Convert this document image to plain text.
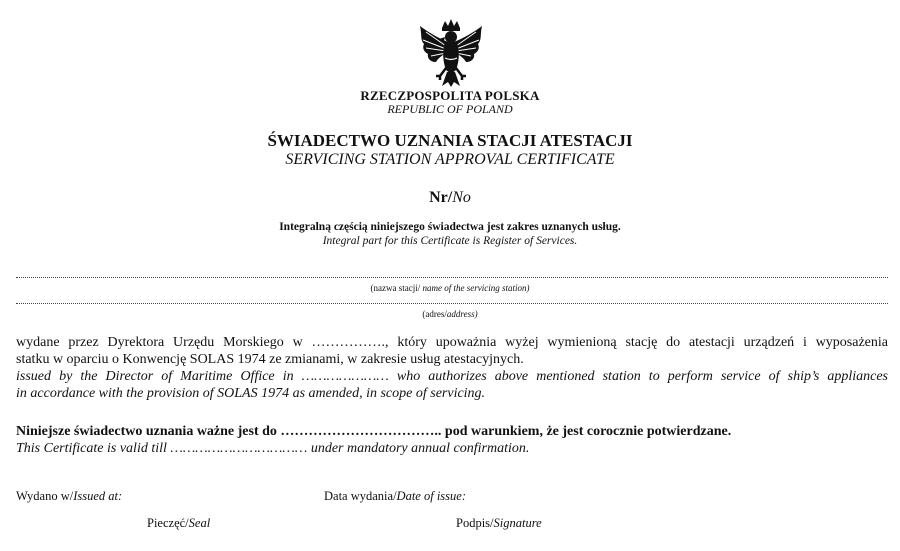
RZECZPOSPOLITA POLSKA
REPUBLIC OF POLAND
ŚWIADECTWO UZNANIA STACJI ATESTACJI
SERVICING STATION APPROVAL CERTIFICATE
Nr/No
Integralną częścią niniejszego świadectwa jest zakres uznanych usług.
Integral part for this Certificate is Register of Services.
(nazwa stacji/ name of the servicing station)
(adres/address)
wydane przez Dyrektora Urzędu Morskiego w ……………., który upoważnia wyżej wymienioną stację do atestacji urządzeń i wyposażenia
statku w oparciu o Konwencję SOLAS 1974 ze zmianami, w zakresie usług atestacyjnych.
issued by the Director of Maritime Office in ………………… who authorizes above mentioned station to perform service of ship’s appliances
in accordance with the provision of SOLAS 1974 as amended, in scope of servicing.
Niniejsze świadectwo uznania ważne jest do …………………………….. pod warunkiem, że jest corocznie potwierdzane.
This Certificate is valid till …………………………… under mandatory annual confirmation.
Wydano w/Issued at:	Data wydania/Date of issue:
Pieczęć/Seal	Podpis/Signature
